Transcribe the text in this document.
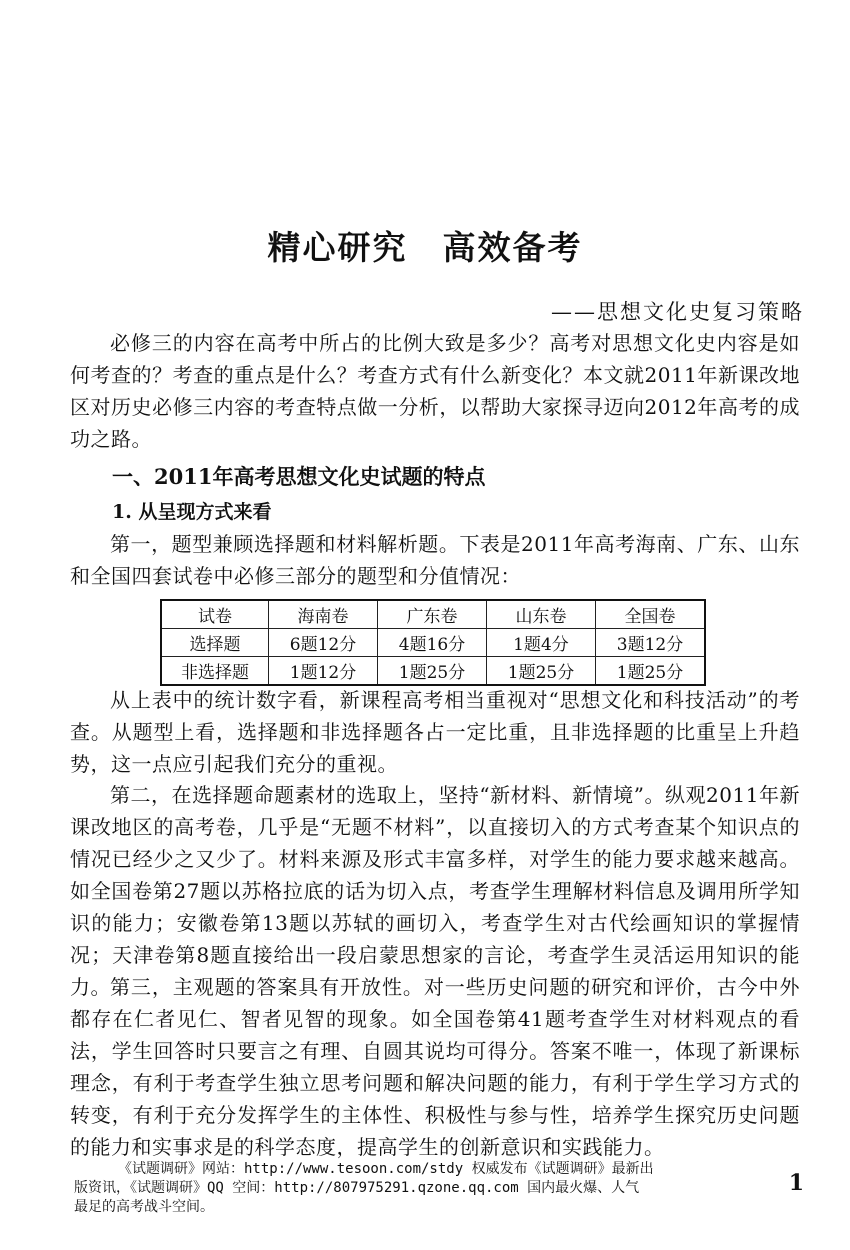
精心研究　高效备考
——思想文化史复习策略
必修三的内容在高考中所占的比例大致是多少？高考对思想文化史内容是如何考查的？考查的重点是什么？考查方式有什么新变化？本文就2011年新课改地区对历史必修三内容的考查特点做一分析，以帮助大家探寻迈向2012年高考的成功之路。
一、2011年高考思想文化史试题的特点
1. 从呈现方式来看
第一，题型兼顾选择题和材料解析题。下表是2011年高考海南、广东、山东和全国四套试卷中必修三部分的题型和分值情况：
试卷	海南卷	广东卷	山东卷	全国卷
选择题	6题12分	4题16分	1题4分	3题12分
非选择题	1题12分	1题25分	1题25分	1题25分
从上表中的统计数字看，新课程高考相当重视对“思想文化和科技活动”的考查。从题型上看，选择题和非选择题各占一定比重，且非选择题的比重呈上升趋势，这一点应引起我们充分的重视。
第二，在选择题命题素材的选取上，坚持“新材料、新情境”。纵观2011年新课改地区的高考卷，几乎是“无题不材料”，以直接切入的方式考查某个知识点的情况已经少之又少了。材料来源及形式丰富多样，对学生的能力要求越来越高。如全国卷第27题以苏格拉底的话为切入点，考查学生理解材料信息及调用所学知识的能力；安徽卷第13题以苏轼的画切入，考查学生对古代绘画知识的掌握情况；天津卷第8题直接给出一段启蒙思想家的言论，考查学生灵活运用知识的能力。 第三，主观题的答案具有开放性。对一些历史问题的研究和评价，古今中外都存在仁者见仁、智者见智的现象。如全国卷第41题考查学生对材料观点的看法，学生回答时只要言之有理、自圆其说均可得分。答案不唯一，体现了新课标理念，有利于考查学生独立思考问题和解决问题的能力，有利于学生学习方式的转变，有利于充分发挥学生的主体性、积极性与参与性，培养学生探究历史问题的能力和实事求是的科学态度，提高学生的创新意识和实践能力。
《试题调研》网站：http://www.tesoon.com/stdy 权威发布《试题调研》最新出
版资讯，《试题调研》QQ 空间：http://807975291.qzone.qq.com 国内最火爆、人气
最足的高考战斗空间。
1
